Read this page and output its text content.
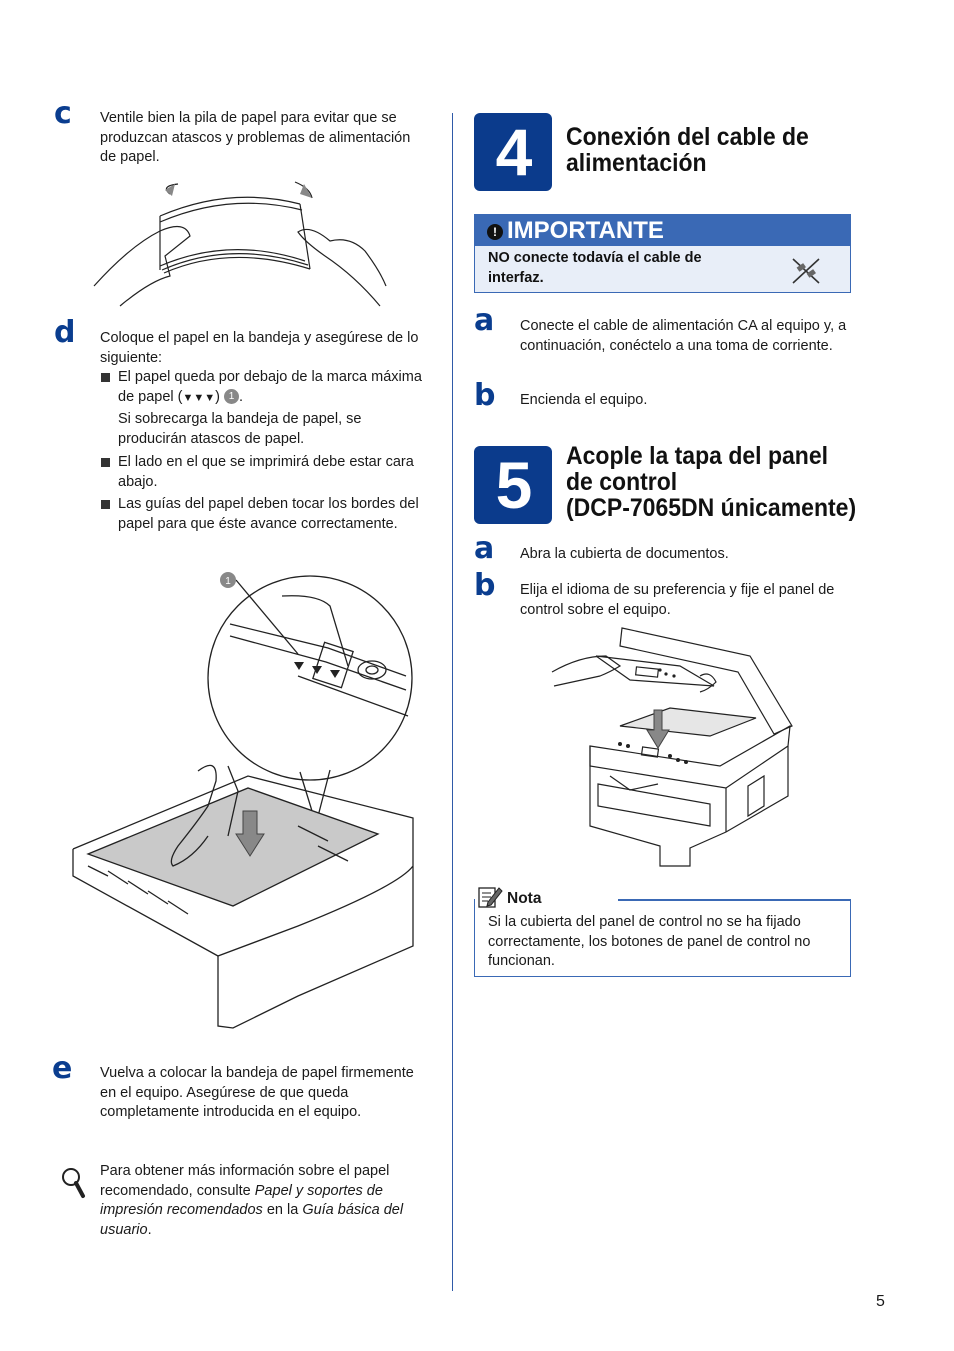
c Ventile bien la pila de papel para evitar que se produzcan atascos y problemas de alimentación de papel.
d Coloque el papel en la bandeja y asegúrese de lo siguiente:
El papel queda por debajo de la marca máxima de papel (▼▼▼) 1 .
Si sobrecarga la bandeja de papel, se producirán atascos de papel.
El lado en el que se imprimirá debe estar cara abajo.
Las guías del papel deben tocar los bordes del papel para que éste avance correctamente.
1
e Vuelva a colocar la bandeja de papel firmemente en el equipo. Asegúrese de que queda completamente introducida en el equipo.
Para obtener más información sobre el papel recomendado, consulte Papel y soportes de impresión recomendados en la Guía básica del usuario.
4	Conexión del cable de alimentación
! IMPORTANTE
NO conecte todavía el cable de interfaz.
a Conecte el cable de alimentación CA al equipo y, a continuación, conéctelo a una toma de corriente.
b Encienda el equipo.
5	Acople la tapa del panel
de control
(DCP-7065DN únicamente)
a Abra la cubierta de documentos.
b Elija el idioma de su preferencia y fije el panel de control sobre el equipo.
Nota
Si la cubierta del panel de control no se ha fijado correctamente, los botones de panel de control no funcionan.
5
